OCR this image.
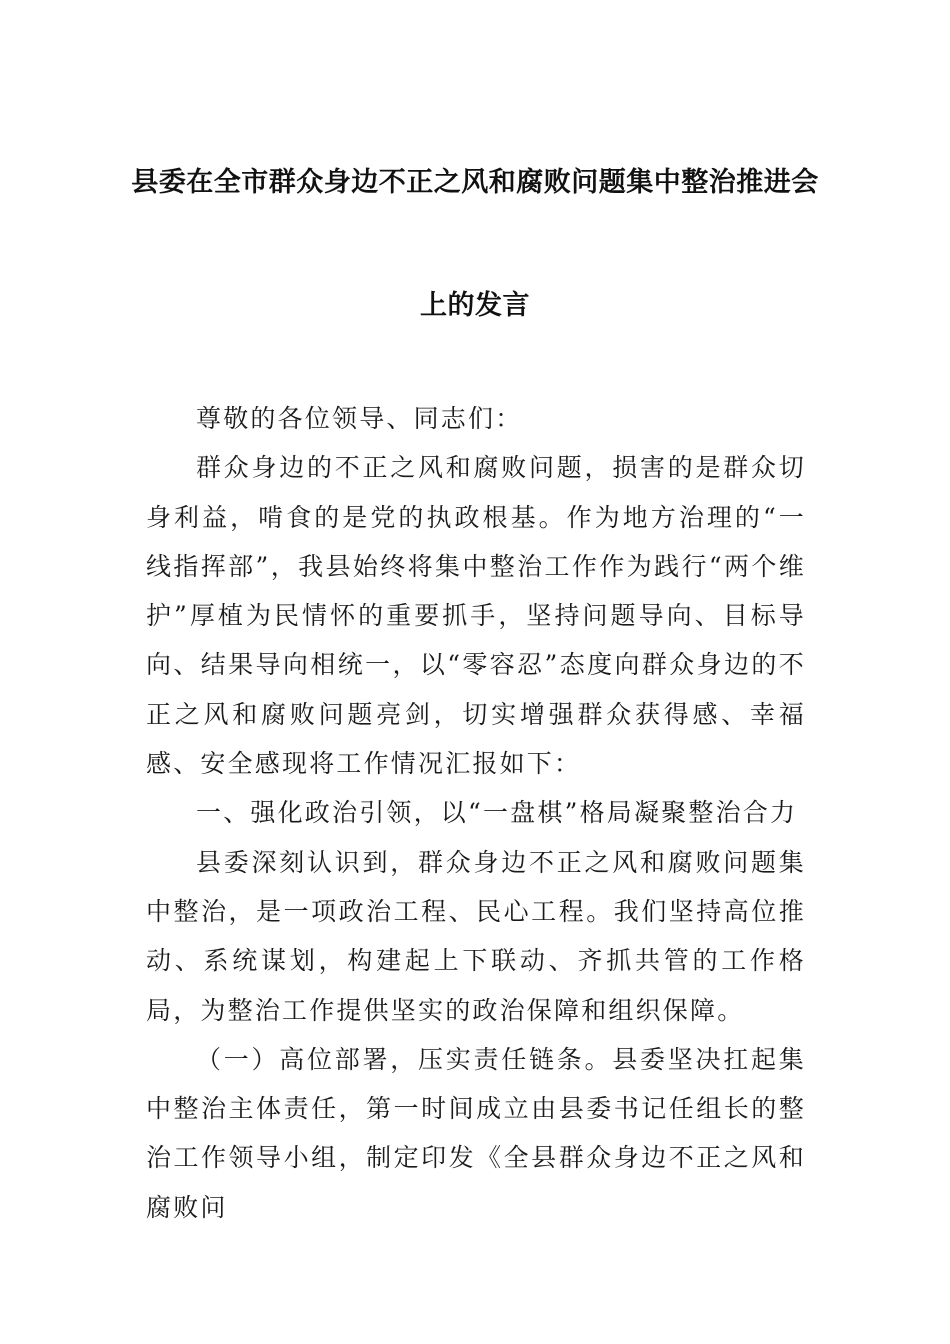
县委在全市群众身边不正之风和腐败问题集中整治推进会
上的发言

尊敬的各位领导、同志们：

群众身边的不正之风和腐败问题，损害的是群众切身利益，啃食的是党的执政根基。作为地方治理的“一线指挥部”，我县始终将集中整治工作作为践行“两个维护”厚植为民情怀的重要抓手，坚持问题导向、目标导向、结果导向相统一，以“零容忍”态度向群众身边的不正之风和腐败问题亮剑，切实增强群众获得感、幸福感、安全感现将工作情况汇报如下：

一、强化政治引领，以“一盘棋”格局凝聚整治合力

县委深刻认识到，群众身边不正之风和腐败问题集中整治，是一项政治工程、民心工程。我们坚持高位推动、系统谋划，构建起上下联动、齐抓共管的工作格局，为整治工作提供坚实的政治保障和组织保障。

（一）高位部署，压实责任链条。县委坚决扛起集中整治主体责任，第一时间成立由县委书记任组长的整治工作领导小组，制定印发《全县群众身边不正之风和腐败问
